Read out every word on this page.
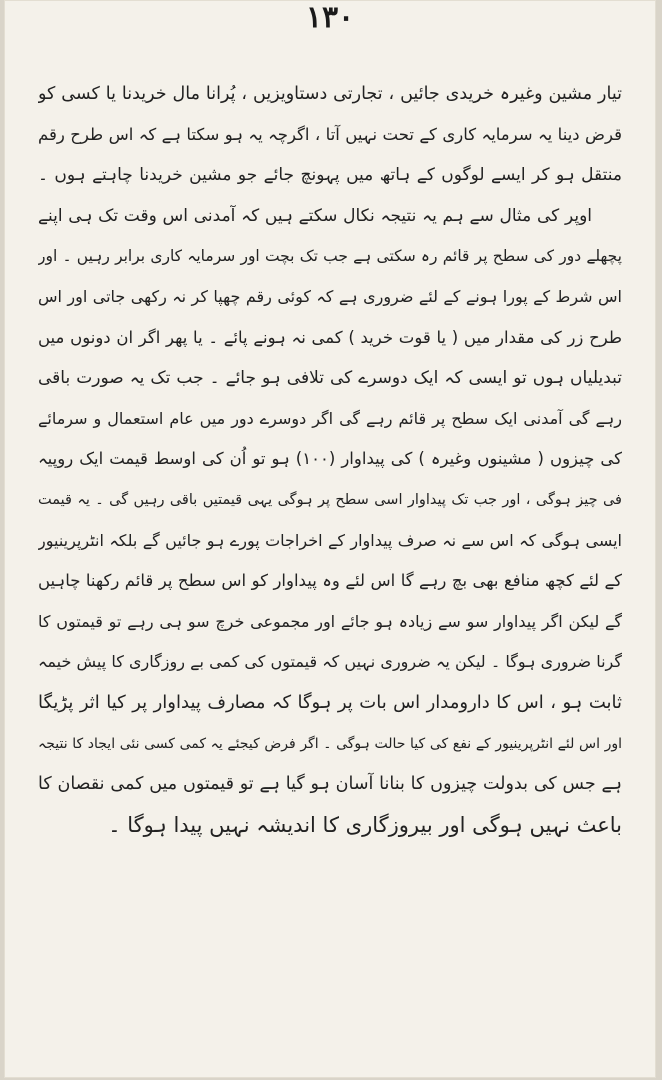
۱۳۰
تیار مشین وغیرہ خریدی جائیں ، تجارتی دستاویزیں ، پُرانا مال خریدنا یا کسی کو
قرض دینا یہ سرمایہ کاری کے تحت نہیں آتا ، اگرچہ یہ ہو سکتا ہے کہ اس طرح رقم
منتقل ہو کر ایسے لوگوں کے ہاتھ میں پہونچ جائے جو مشین خریدنا چاہتے ہوں ۔
اوپر کی مثال سے ہم یہ نتیجہ نکال سکتے ہیں کہ آمدنی اس وقت تک ہی اپنے
پچھلے دور کی سطح پر قائم رہ سکتی ہے جب تک بچت اور سرمایہ کاری برابر رہیں ۔ اور
اس شرط کے پورا ہونے کے لئے ضروری ہے کہ کوئی رقم چھپا کر نہ رکھی جاتی اور اس
طرح زر کی مقدار میں ( یا قوت خرید ) کمی نہ ہونے پائے ۔ یا پھر اگر ان دونوں میں
تبدیلیاں ہوں تو ایسی کہ ایک دوسرے کی تلافی ہو جائے ۔ جب تک یہ صورت باقی
رہے گی آمدنی ایک سطح پر قائم رہے گی اگر دوسرے دور میں عام استعمال و سرمائے
کی چیزوں ( مشینوں وغیرہ ) کی پیداوار (۱۰۰) ہو تو اُن کی اوسط قیمت ایک روپیہ
فی چیز ہوگی ، اور جب تک پیداوار اسی سطح پر ہوگی یہی قیمتیں باقی رہیں گی ۔ یہ قیمت
ایسی ہوگی کہ اس سے نہ صرف پیداوار کے اخراجات پورے ہو جائیں گے بلکہ انٹرپرینیور
کے لئے کچھ منافع بھی بچ رہے گا اس لئے وہ پیداوار کو اس سطح پر قائم رکھنا چاہیں
گے لیکن اگر پیداوار سو سے زیادہ ہو جائے اور مجموعی خرچ سو ہی رہے تو قیمتوں کا
گرنا ضروری ہوگا ۔ لیکن یہ ضروری نہیں کہ قیمتوں کی کمی بے روزگاری کا پیش خیمہ
ثابت ہو ، اس کا دارومدار اس بات پر ہوگا کہ مصارف پیداوار پر کیا اثر پڑیگا
اور اس لئے انٹرپرینیور کے نفع کی کیا حالت ہوگی ۔ اگر فرض کیجئے یہ کمی کسی نئی ایجاد کا نتیجہ
ہے جس کی بدولت چیزوں کا بنانا آسان ہو گیا ہے تو قیمتوں میں کمی نقصان کا
باعث نہیں ہوگی اور بیروزگاری کا اندیشہ نہیں پیدا ہوگا ۔
